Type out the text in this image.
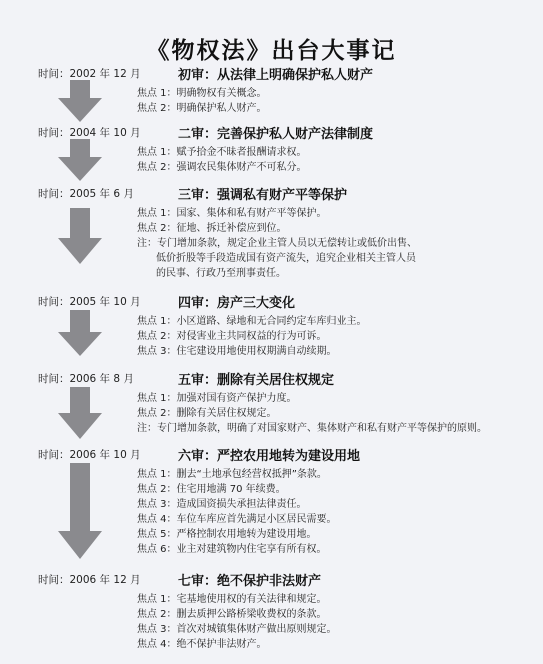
《物权法》出台大事记
时间：2002 年 12 月	初审：从法律上明确保护私人财产
焦点 1：明确物权有关概念。
焦点 2：明确保护私人财产。
时间：2004 年 10 月	二审：完善保护私人财产法律制度
焦点 1：赋予拾金不昧者报酬请求权。
焦点 2：强调农民集体财产不可私分。
时间：2005 年 6 月	三审：强调私有财产平等保护
焦点 1：国家、集体和私有财产平等保护。
焦点 2：征地、拆迁补偿应到位。
注：专门增加条款，规定企业主管人员以无偿转让或低价出售、
低价折股等手段造成国有资产流失，追究企业相关主管人员
的民事、行政乃至刑事责任。
时间：2005 年 10 月	四审：房产三大变化
焦点 1：小区道路、绿地和无合同约定车库归业主。
焦点 2：对侵害业主共同权益的行为可诉。
焦点 3：住宅建设用地使用权期满自动续期。
时间：2006 年 8 月	五审：删除有关居住权规定
焦点 1：加强对国有资产保护力度。
焦点 2：删除有关居住权规定。
注：专门增加条款，明确了对国家财产、集体财产和私有财产平等保护的原则。
时间：2006 年 10 月	六审：严控农用地转为建设用地
焦点 1：删去“土地承包经营权抵押”条款。
焦点 2：住宅用地满 70 年续费。
焦点 3：造成国资损失承担法律责任。
焦点 4：车位车库应首先满足小区居民需要。
焦点 5：严格控制农用地转为建设用地。
焦点 6：业主对建筑物内住宅享有所有权。
时间：2006 年 12 月	七审：绝不保护非法财产
焦点 1：宅基地使用权的有关法律和规定。
焦点 2：删去质押公路桥梁收费权的条款。
焦点 3：首次对城镇集体财产做出原则规定。
焦点 4：绝不保护非法财产。
